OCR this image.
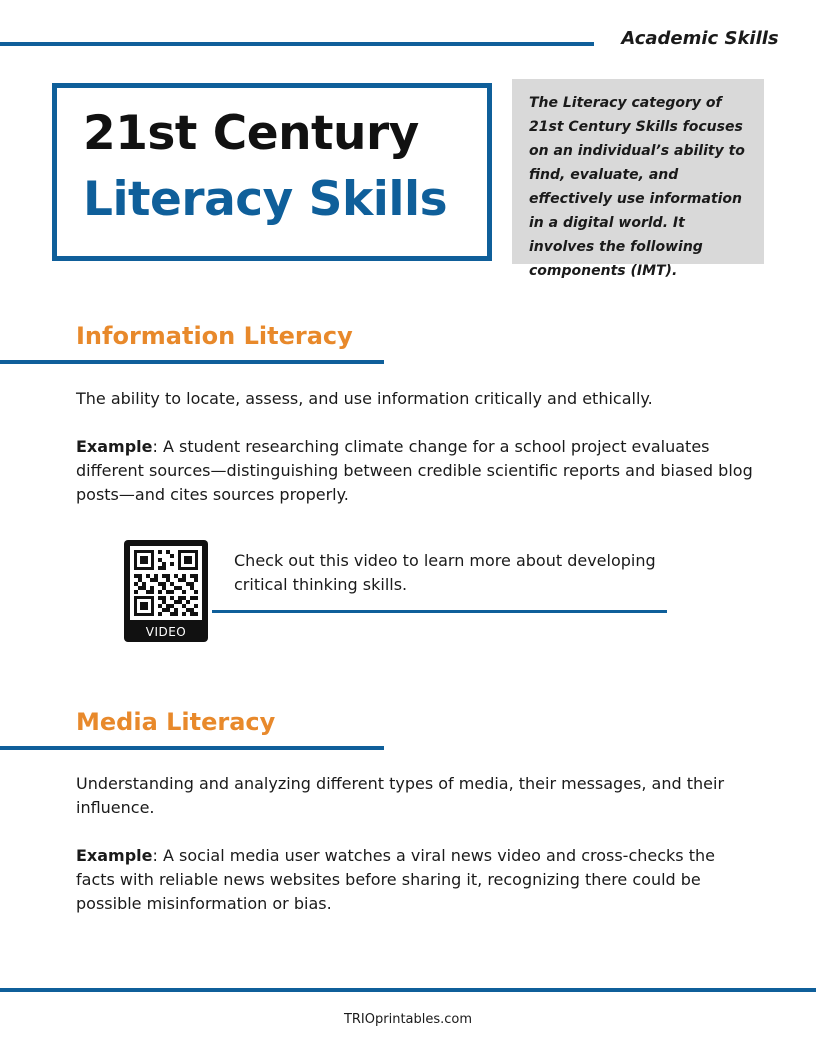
Academic Skills
21st Century
Literacy Skills
The Literacy category of 21st Century Skills focuses on an individual’s ability to find, evaluate, and effectively use information in a digital world. It involves the following components (IMT).
Information Literacy
The ability to locate, assess, and use information critically and ethically.
Example: A student researching climate change for a school project evaluates different sources—distinguishing between credible scientific reports and biased blog posts—and cites sources properly.
VIDEO
Check out this video to learn more about developing critical thinking skills.
Media Literacy
Understanding and analyzing different types of media, their messages, and their influence.
Example: A social media user watches a viral news video and cross-checks the facts with reliable news websites before sharing it, recognizing there could be possible misinformation or bias.
TRIOprintables.com
